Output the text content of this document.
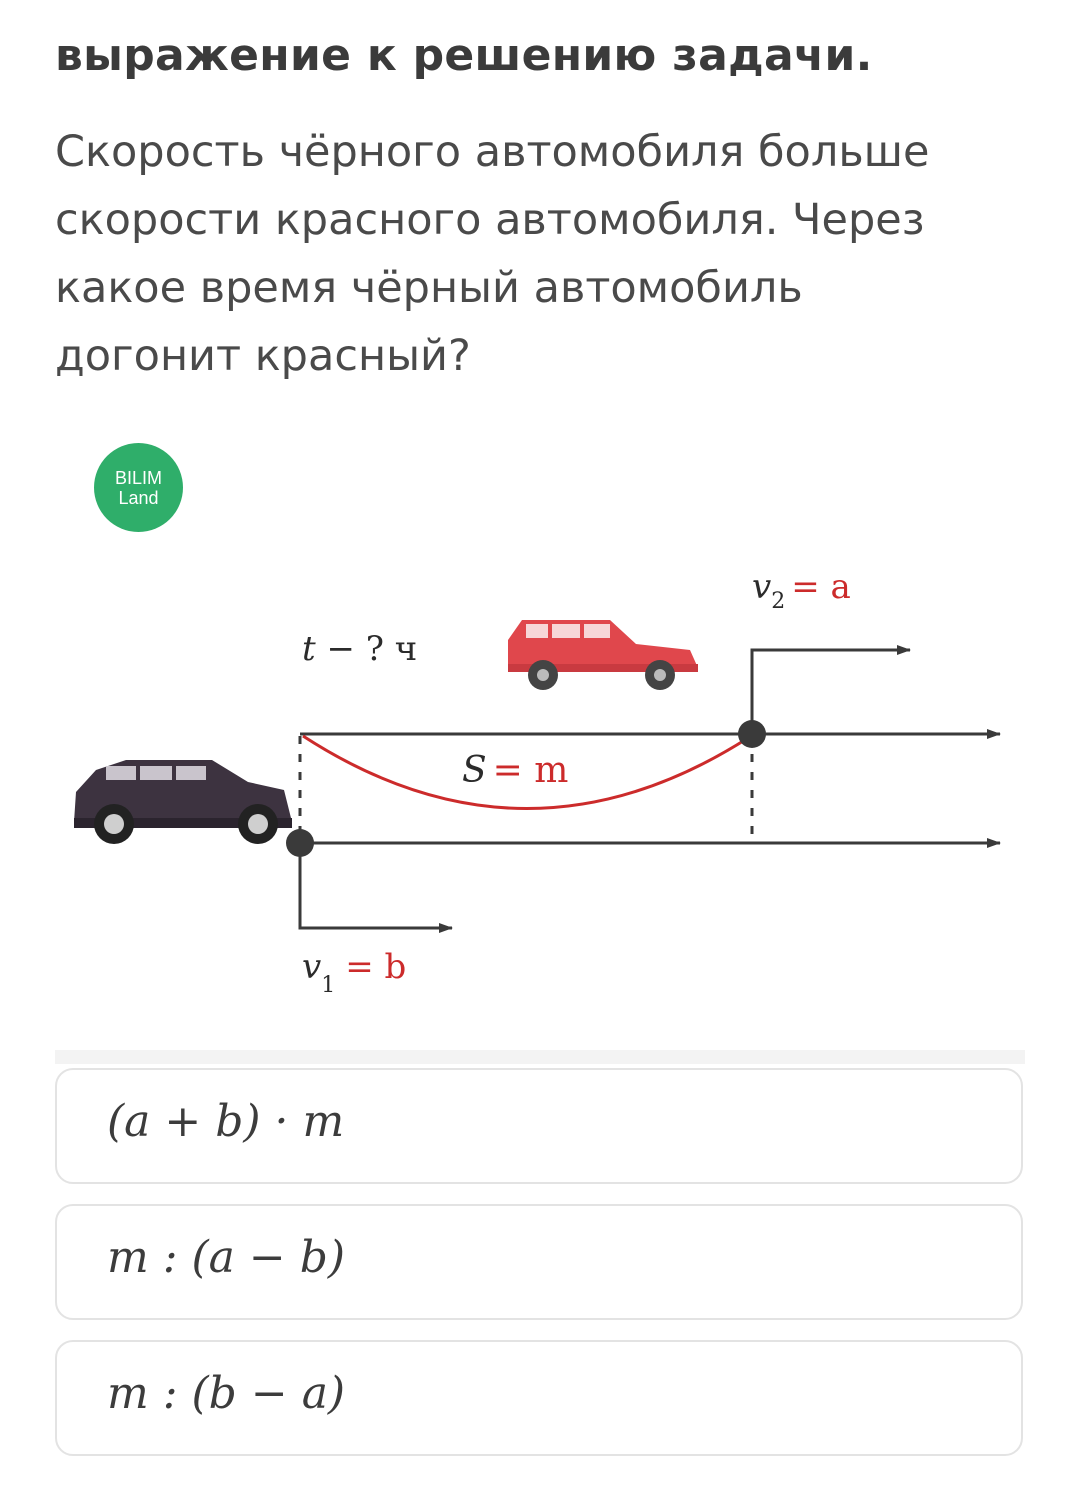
выражение к решению задачи.
Скорость чёрного автомобиля больше
скорости красного автомобиля. Через
какое время чёрный автомобиль
догонит красный?
BILIM
Land
t − ? ч
$v_2 = a$
S = m
$v_1 = b$
(a + b) · m
m : (a − b)
m : (b − a)
